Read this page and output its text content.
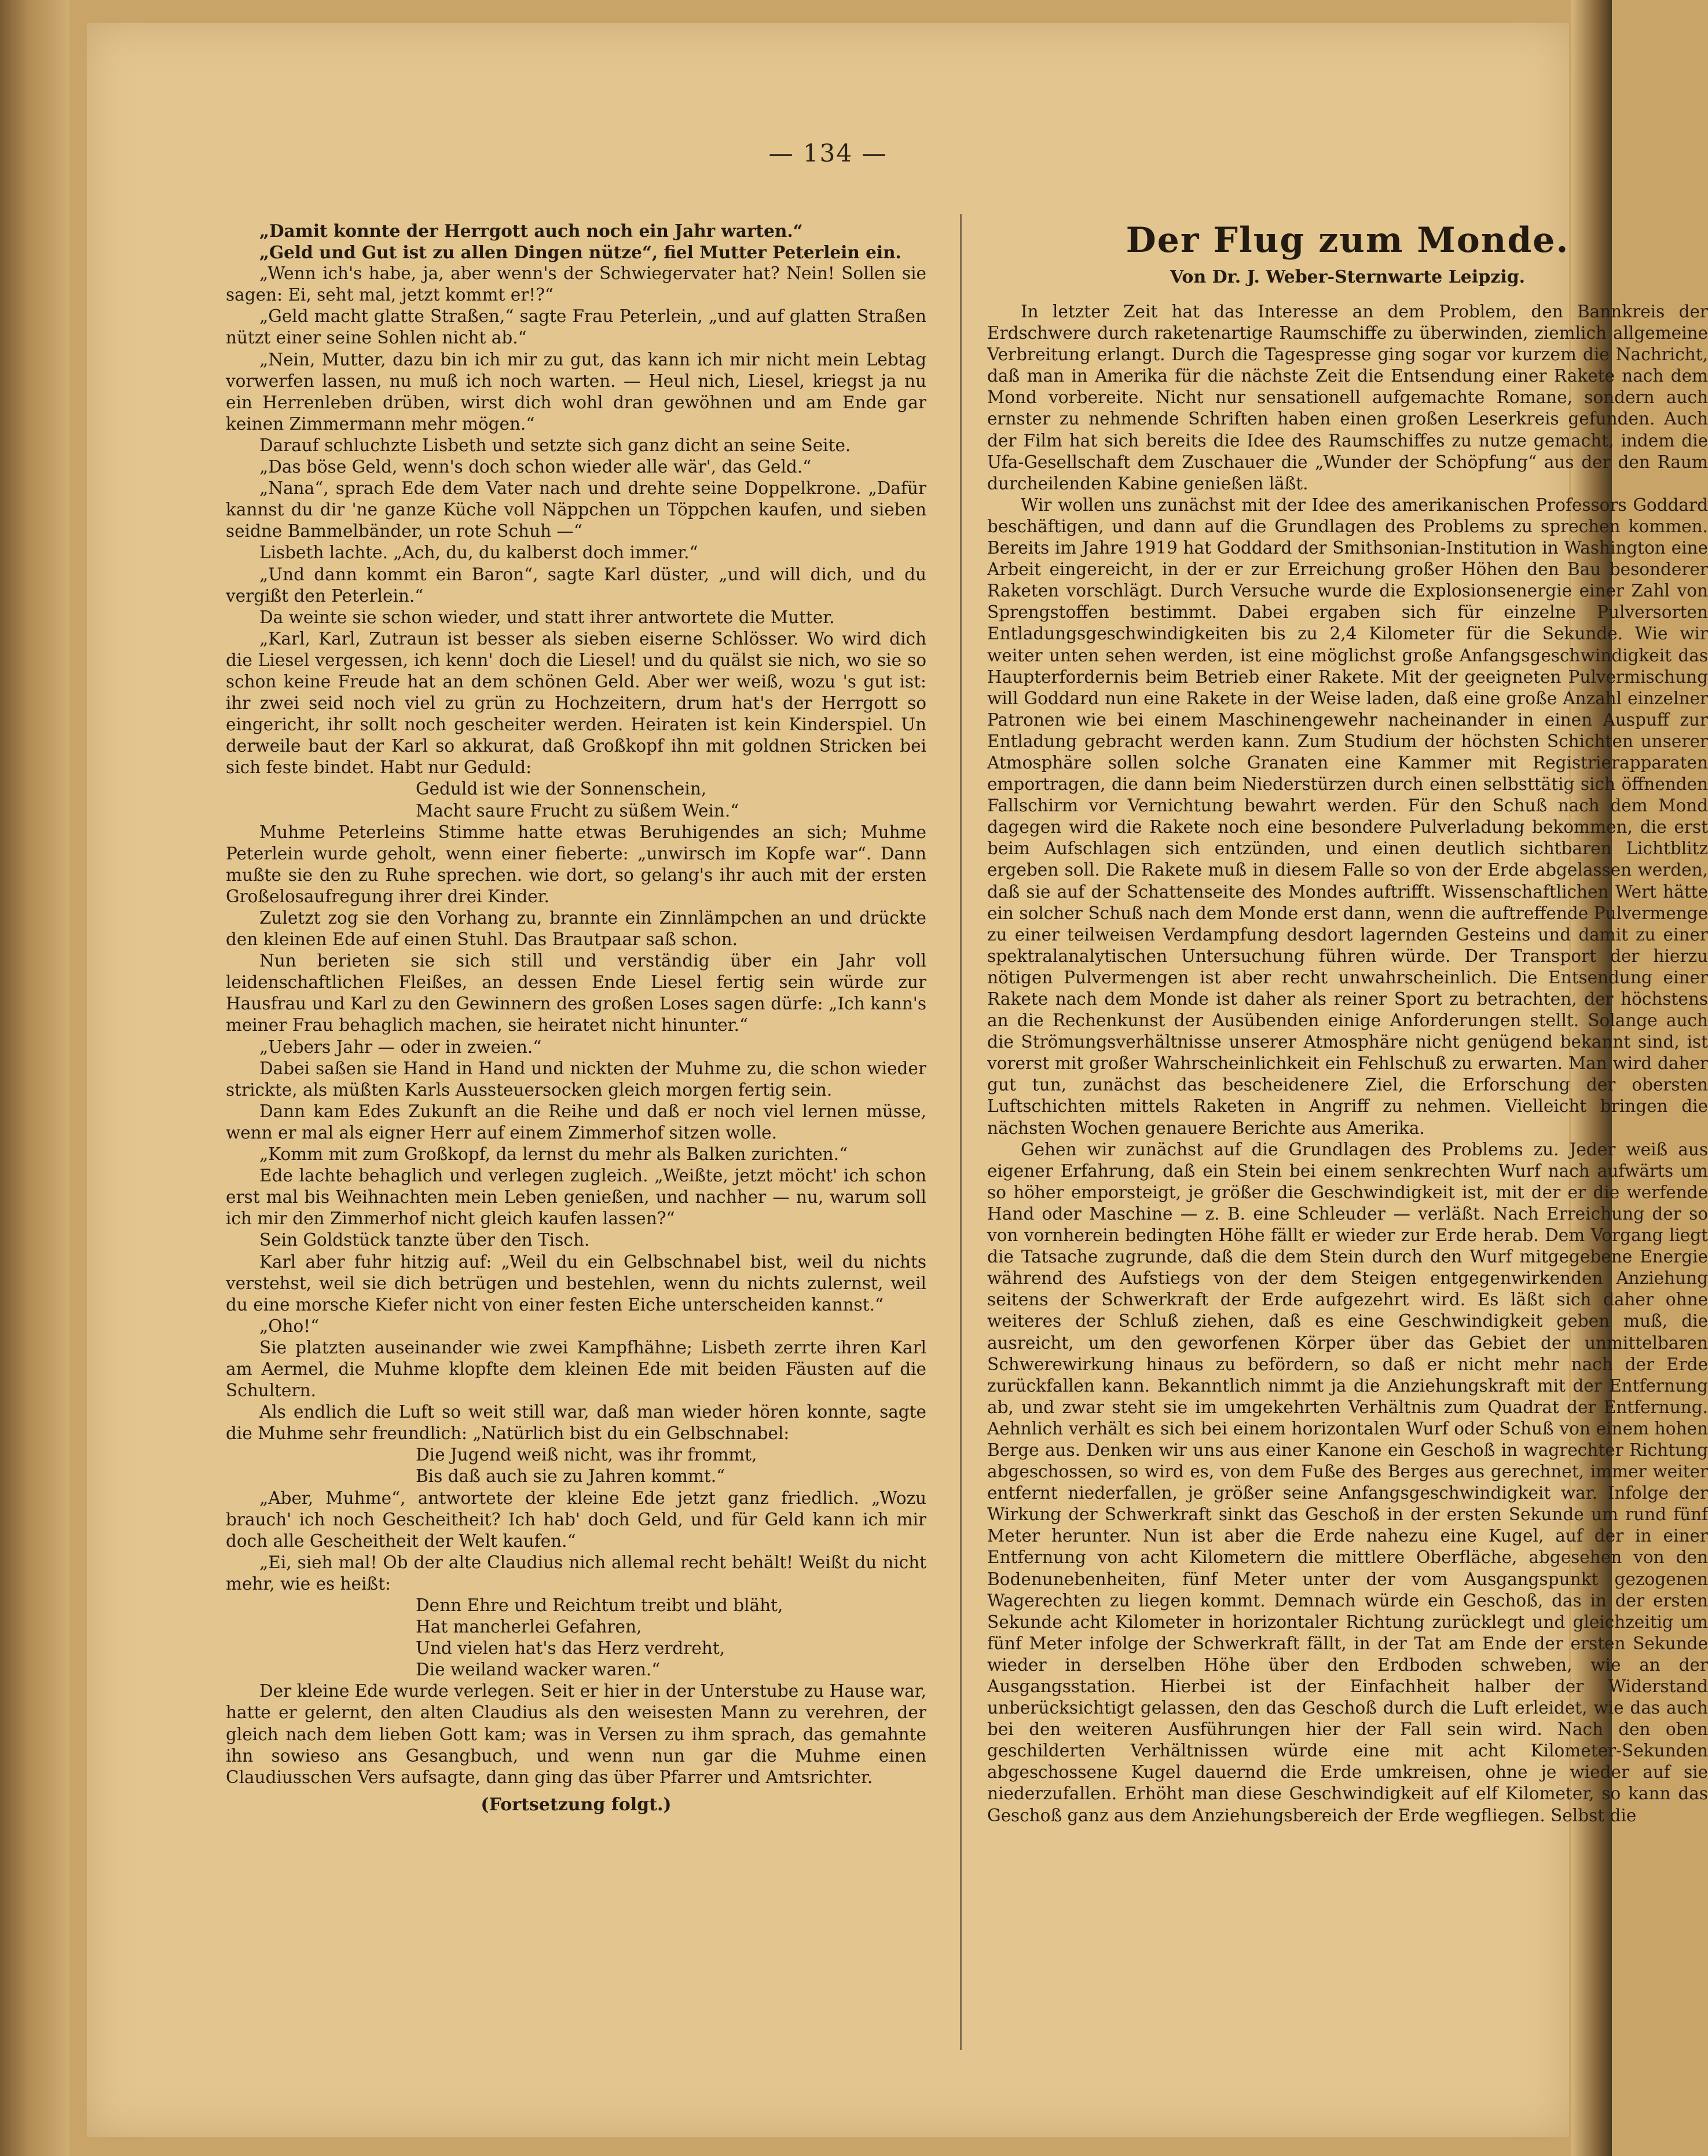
— 134 —

„Damit konnte der Herrgott auch noch ein Jahr warten.“

„Geld und Gut ist zu allen Dingen nütze“, fiel Mutter Peterlein ein.

„Wenn ich's habe, ja, aber wenn's der Schwiegervater hat? Nein! Sollen sie sagen: Ei, seht mal, jetzt kommt er!?“

„Geld macht glatte Straßen,“ sagte Frau Peterlein, „und auf glatten Straßen nützt einer seine Sohlen nicht ab.“

„Nein, Mutter, dazu bin ich mir zu gut, das kann ich mir nicht mein Lebtag vorwerfen lassen, nu muß ich noch warten. — Heul nich, Liesel, kriegst ja nu ein Herrenleben drüben, wirst dich wohl dran gewöhnen und am Ende gar keinen Zimmermann mehr mögen.“

Darauf schluchzte Lisbeth und setzte sich ganz dicht an seine Seite.

„Das böse Geld, wenn's doch schon wieder alle wär', das Geld.“

„Nana“, sprach Ede dem Vater nach und drehte seine Doppelkrone. „Dafür kannst du dir 'ne ganze Küche voll Näppchen un Töppchen kaufen, und sieben seidne Bammelbänder, un rote Schuh —“

Lisbeth lachte. „Ach, du, du kalberst doch immer.“

„Und dann kommt ein Baron“, sagte Karl düster, „und will dich, und du vergißt den Peterlein.“

Da weinte sie schon wieder, und statt ihrer antwortete die Mutter.

„Karl, Karl, Zutraun ist besser als sieben eiserne Schlösser. Wo wird dich die Liesel vergessen, ich kenn' doch die Liesel! und du quälst sie nich, wo sie so schon keine Freude hat an dem schönen Geld. Aber wer weiß, wozu 's gut ist: ihr zwei seid noch viel zu grün zu Hochzeitern, drum hat's der Herrgott so eingericht, ihr sollt noch gescheiter werden. Heiraten ist kein Kinderspiel. Un derweile baut der Karl so akkurat, daß Großkopf ihn mit goldnen Stricken bei sich feste bindet. Habt nur Geduld:

Geduld ist wie der Sonnenschein,

Macht saure Frucht zu süßem Wein.“

Muhme Peterleins Stimme hatte etwas Beruhigendes an sich; Muhme Peterlein wurde geholt, wenn einer fieberte: „unwirsch im Kopfe war“. Dann mußte sie den zu Ruhe sprechen. wie dort, so gelang's ihr auch mit der ersten Großelosaufregung ihrer drei Kinder.

Zuletzt zog sie den Vorhang zu, brannte ein Zinnlämpchen an und drückte den kleinen Ede auf einen Stuhl. Das Brautpaar saß schon.

Nun berieten sie sich still und verständig über ein Jahr voll leidenschaftlichen Fleißes, an dessen Ende Liesel fertig sein würde zur Hausfrau und Karl zu den Gewinnern des großen Loses sagen dürfe: „Ich kann's meiner Frau behaglich machen, sie heiratet nicht hinunter.“

„Uebers Jahr — oder in zweien.“

Dabei saßen sie Hand in Hand und nickten der Muhme zu, die schon wieder strickte, als müßten Karls Aussteuersocken gleich morgen fertig sein.

Dann kam Edes Zukunft an die Reihe und daß er noch viel lernen müsse, wenn er mal als eigner Herr auf einem Zimmerhof sitzen wolle.

„Komm mit zum Großkopf, da lernst du mehr als Balken zurichten.“

Ede lachte behaglich und verlegen zugleich. „Weißte, jetzt möcht' ich schon erst mal bis Weihnachten mein Leben genießen, und nachher — nu, warum soll ich mir den Zimmerhof nicht gleich kaufen lassen?“

Sein Goldstück tanzte über den Tisch.

Karl aber fuhr hitzig auf: „Weil du ein Gelbschnabel bist, weil du nichts verstehst, weil sie dich betrügen und bestehlen, wenn du nichts zulernst, weil du eine morsche Kiefer nicht von einer festen Eiche unterscheiden kannst.“

„Oho!“

Sie platzten auseinander wie zwei Kampfhähne; Lisbeth zerrte ihren Karl am Aermel, die Muhme klopfte dem kleinen Ede mit beiden Fäusten auf die Schultern.

Als endlich die Luft so weit still war, daß man wieder hören konnte, sagte die Muhme sehr freundlich: „Natürlich bist du ein Gelbschnabel:

Die Jugend weiß nicht, was ihr frommt,

Bis daß auch sie zu Jahren kommt.“

„Aber, Muhme“, antwortete der kleine Ede jetzt ganz friedlich. „Wozu brauch' ich noch Gescheitheit? Ich hab' doch Geld, und für Geld kann ich mir doch alle Gescheitheit der Welt kaufen.“

„Ei, sieh mal! Ob der alte Claudius nich allemal recht behält! Weißt du nicht mehr, wie es heißt:

Denn Ehre und Reichtum treibt und bläht,

Hat mancherlei Gefahren,

Und vielen hat's das Herz verdreht,

Die weiland wacker waren.“

Der kleine Ede wurde verlegen. Seit er hier in der Unterstube zu Hause war, hatte er gelernt, den alten Claudius als den weisesten Mann zu verehren, der gleich nach dem lieben Gott kam; was in Versen zu ihm sprach, das gemahnte ihn sowieso ans Gesangbuch, und wenn nun gar die Muhme einen Claudiusschen Vers aufsagte, dann ging das über Pfarrer und Amtsrichter.

(Fortsetzung folgt.)
Der Flug zum Monde.
Von Dr. J. Weber-Sternwarte Leipzig.

In letzter Zeit hat das Interesse an dem Problem, den Bannkreis der Erdschwere durch raketenartige Raumschiffe zu überwinden, ziemlich allgemeine Verbreitung erlangt. Durch die Tagespresse ging sogar vor kurzem die Nachricht, daß man in Amerika für die nächste Zeit die Entsendung einer Rakete nach dem Mond vorbereite. Nicht nur sensationell aufgemachte Romane, sondern auch ernster zu nehmende Schriften haben einen großen Leserkreis gefunden. Auch der Film hat sich bereits die Idee des Raumschiffes zu nutze gemacht, indem die Ufa-Gesellschaft dem Zuschauer die „Wunder der Schöpfung“ aus der den Raum durcheilenden Kabine genießen läßt.

Wir wollen uns zunächst mit der Idee des amerikanischen Professors Goddard beschäftigen, und dann auf die Grundlagen des Problems zu sprechen kommen. Bereits im Jahre 1919 hat Goddard der Smithsonian-Institution in Washington eine Arbeit eingereicht, in der er zur Erreichung großer Höhen den Bau besonderer Raketen vorschlägt. Durch Versuche wurde die Explosionsenergie einer Zahl von Sprengstoffen bestimmt. Dabei ergaben sich für einzelne Pulversorten Entladungsgeschwindigkeiten bis zu 2,4 Kilometer für die Sekunde. Wie wir weiter unten sehen werden, ist eine möglichst große Anfangsgeschwindigkeit das Haupterfordernis beim Betrieb einer Rakete. Mit der geeigneten Pulvermischung will Goddard nun eine Rakete in der Weise laden, daß eine große Anzahl einzelner Patronen wie bei einem Maschinengewehr nacheinander in einen Auspuff zur Entladung gebracht werden kann. Zum Studium der höchsten Schichten unserer Atmosphäre sollen solche Granaten eine Kammer mit Registrierapparaten emportragen, die dann beim Niederstürzen durch einen selbsttätig sich öffnenden Fallschirm vor Vernichtung bewahrt werden. Für den Schuß nach dem Mond dagegen wird die Rakete noch eine besondere Pulverladung bekommen, die erst beim Aufschlagen sich entzünden, und einen deutlich sichtbaren Lichtblitz ergeben soll. Die Rakete muß in diesem Falle so von der Erde abgelassen werden, daß sie auf der Schattenseite des Mondes auftrifft. Wissenschaftlichen Wert hätte ein solcher Schuß nach dem Monde erst dann, wenn die auftreffende Pulvermenge zu einer teilweisen Verdampfung desdort lagernden Gesteins und damit zu einer spektralanalytischen Untersuchung führen würde. Der Transport der hierzu nötigen Pulvermengen ist aber recht unwahrscheinlich. Die Entsendung einer Rakete nach dem Monde ist daher als reiner Sport zu betrachten, der höchstens an die Rechenkunst der Ausübenden einige Anforderungen stellt. Solange auch die Strömungsverhältnisse unserer Atmosphäre nicht genügend bekannt sind, ist vorerst mit großer Wahrscheinlichkeit ein Fehlschuß zu erwarten. Man wird daher gut tun, zunächst das bescheidenere Ziel, die Erforschung der obersten Luftschichten mittels Raketen in Angriff zu nehmen. Vielleicht bringen die nächsten Wochen genauere Berichte aus Amerika.

Gehen wir zunächst auf die Grundlagen des Problems zu. Jeder weiß aus eigener Erfahrung, daß ein Stein bei einem senkrechten Wurf nach aufwärts um so höher emporsteigt, je größer die Geschwindigkeit ist, mit der er die werfende Hand oder Maschine — z. B. eine Schleuder — verläßt. Nach Erreichung der so von vornherein bedingten Höhe fällt er wieder zur Erde herab. Dem Vorgang liegt die Tatsache zugrunde, daß die dem Stein durch den Wurf mitgegebene Energie während des Aufstiegs von der dem Steigen entgegenwirkenden Anziehung seitens der Schwerkraft der Erde aufgezehrt wird. Es läßt sich daher ohne weiteres der Schluß ziehen, daß es eine Geschwindigkeit geben muß, die ausreicht, um den geworfenen Körper über das Gebiet der unmittelbaren Schwerewirkung hinaus zu befördern, so daß er nicht mehr nach der Erde zurückfallen kann. Bekanntlich nimmt ja die Anziehungskraft mit der Entfernung ab, und zwar steht sie im umgekehrten Verhältnis zum Quadrat der Entfernung. Aehnlich verhält es sich bei einem horizontalen Wurf oder Schuß von einem hohen Berge aus. Denken wir uns aus einer Kanone ein Geschoß in wagrechter Richtung abgeschossen, so wird es, von dem Fuße des Berges aus gerechnet, immer weiter entfernt niederfallen, je größer seine Anfangsgeschwindigkeit war. Infolge der Wirkung der Schwerkraft sinkt das Geschoß in der ersten Sekunde um rund fünf Meter herunter. Nun ist aber die Erde nahezu eine Kugel, auf der in einer Entfernung von acht Kilometern die mittlere Oberfläche, abgesehen von den Bodenunebenheiten, fünf Meter unter der vom Ausgangspunkt gezogenen Wagerechten zu liegen kommt. Demnach würde ein Geschoß, das in der ersten Sekunde acht Kilometer in horizontaler Richtung zurücklegt und gleichzeitig um fünf Meter infolge der Schwerkraft fällt, in der Tat am Ende der ersten Sekunde wieder in derselben Höhe über den Erdboden schweben, wie an der Ausgangsstation. Hierbei ist der Einfachheit halber der Widerstand unberücksichtigt gelassen, den das Geschoß durch die Luft erleidet, wie das auch bei den weiteren Ausführungen hier der Fall sein wird. Nach den oben geschilderten Verhältnissen würde eine mit acht Kilometer-Sekunden abgeschossene Kugel dauernd die Erde umkreisen, ohne je wieder auf sie niederzufallen. Erhöht man diese Geschwindigkeit auf elf Kilometer, so kann das Geschoß ganz aus dem Anziehungsbereich der Erde wegfliegen. Selbst die
